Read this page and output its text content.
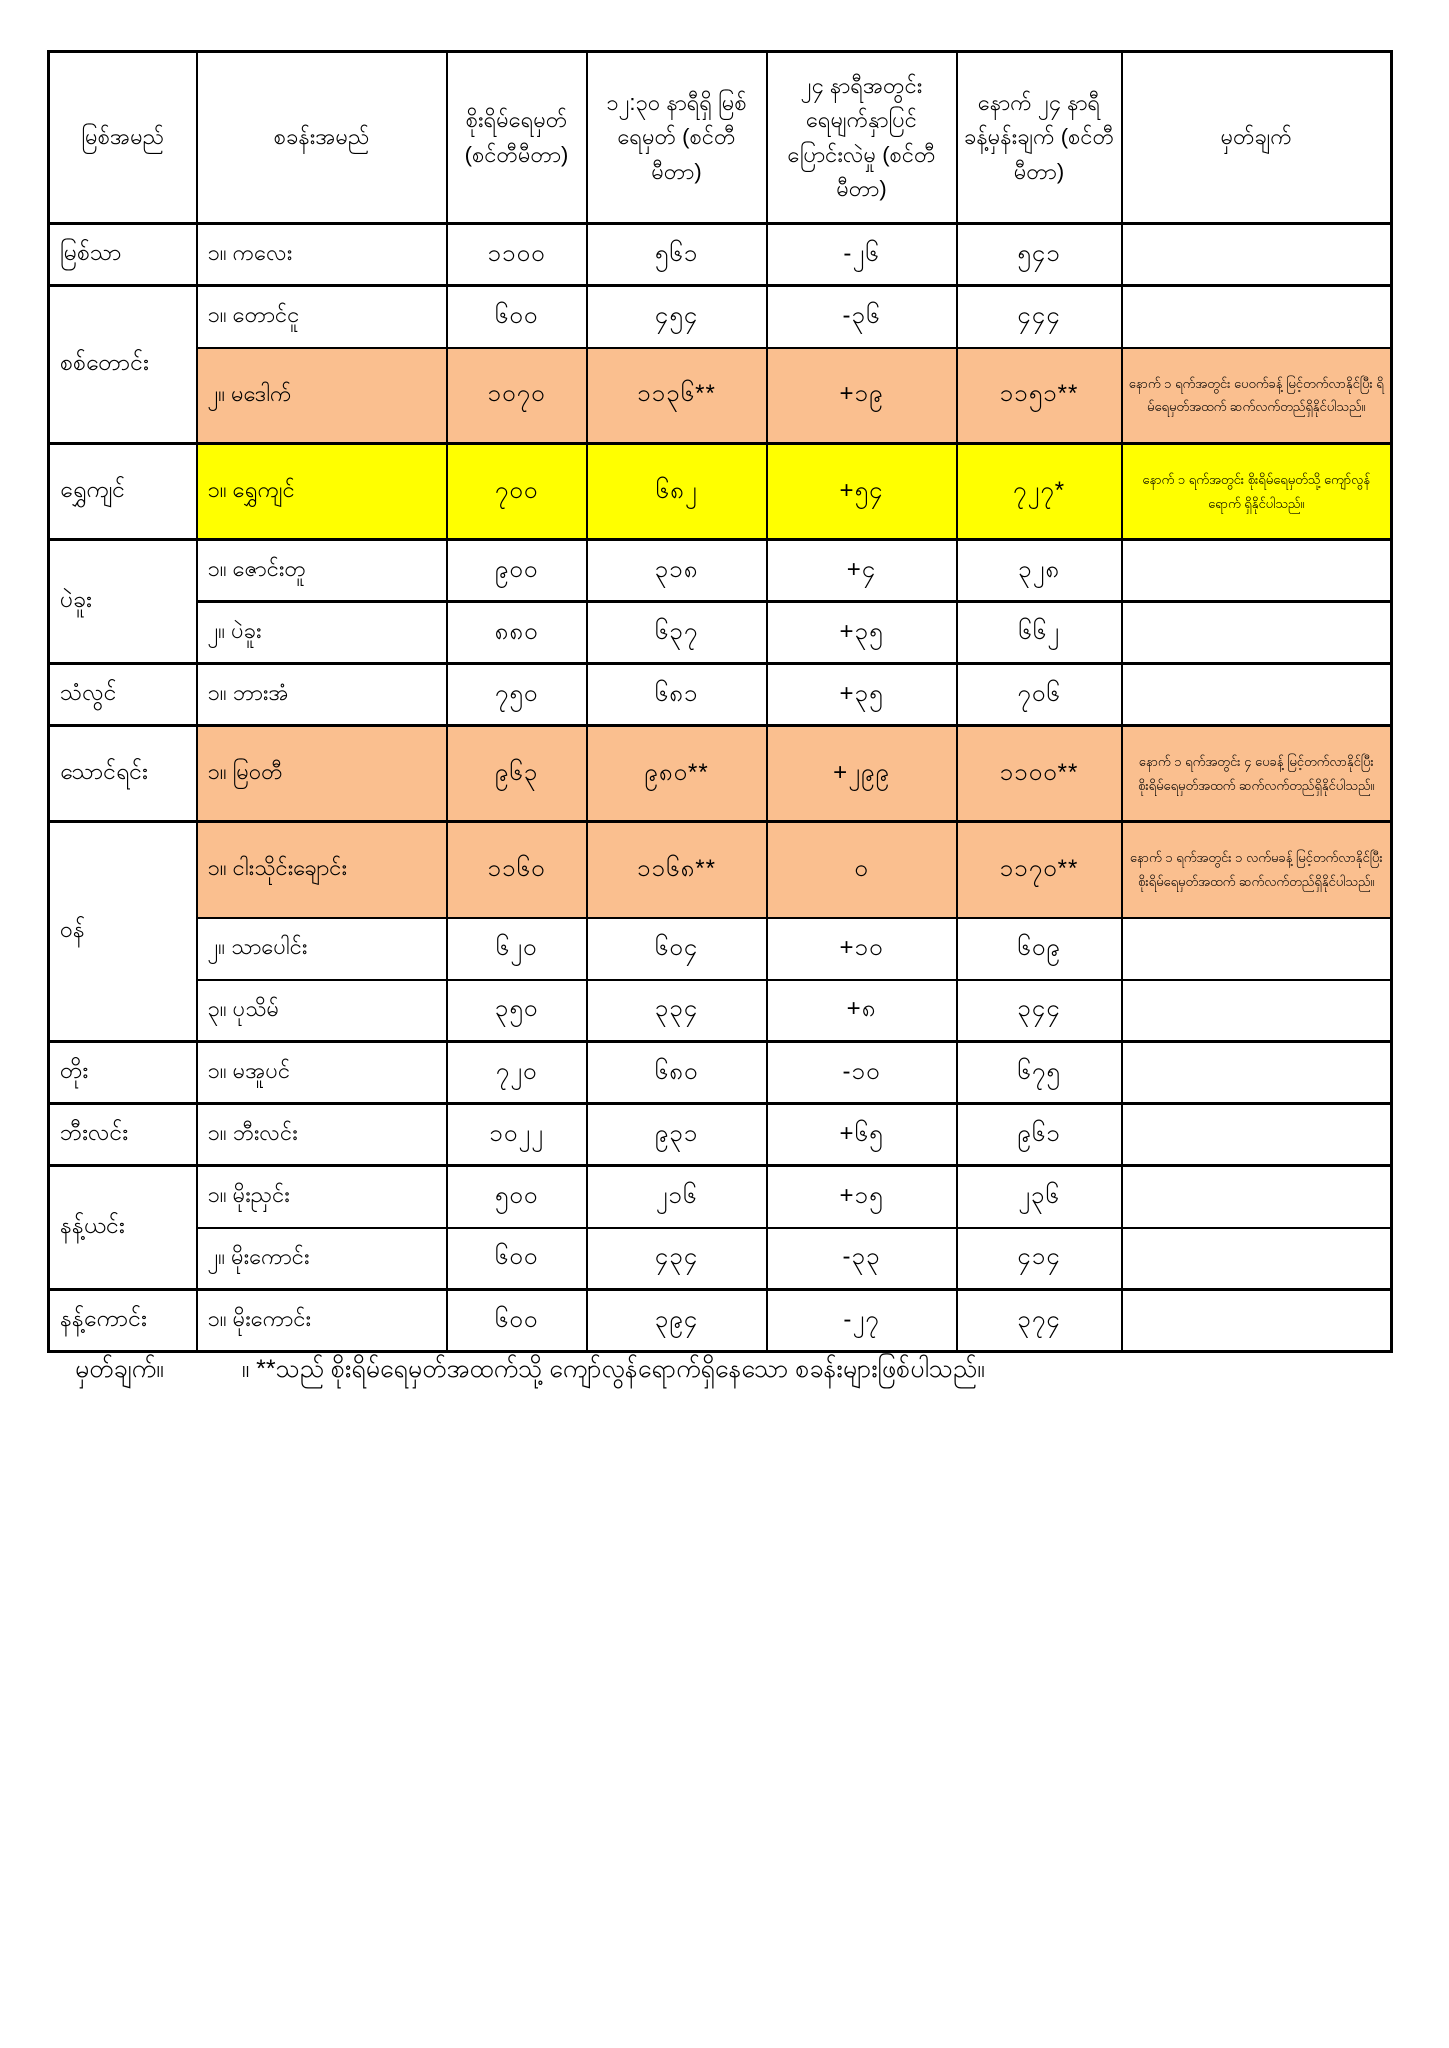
မြစ်အမည်	စခန်းအမည်	စိုးရိမ်ရေမှတ် (စင်တီမီတာ)	၁၂:၃၀ နာရီရှိ မြစ်ရေမှတ် (စင်တီမီတာ)	၂၄ နာရီအတွင်း ရေမျက်နှာပြင် ပြောင်းလဲမှု (စင်တီမီတာ)	နောက် ၂၄ နာရီ ခန့်မှန်းချက် (စင်တီမီတာ)	မှတ်ချက်
မြစ်သာ	၁။ ကလေး	၁၁၀၀	၅၆၁	-၂၆	၅၄၁	
စစ်တောင်း	၁။ တောင်ငူ	၆၀၀	၄၅၄	-၃၆	၄၄၄	
	၂။ မဒေါက်	၁၀၇၀	၁၁၃၆**	+၁၉	၁၁၅၁**	နောက် ၁ ရက်အတွင်း ပေဝက်ခန့် မြင့်တက်လာနိုင်ပြီး ရိမ်ရေမှတ်အထက် ဆက်လက်တည်ရှိနိုင်ပါသည်။
ရွှေကျင်	၁။ ရွှေကျင်	၇၀၀	၆၈၂	+၅၄	၇၂၇*	နောက် ၁ ရက်အတွင်း စိုးရိမ်ရေမှတ်သို့ ကျော်လွန်ရောက် ရှိနိုင်ပါသည်။
ပဲခူး	၁။ ဇောင်းတူ	၉၀၀	၃၁၈	+၄	၃၂၈	
	၂။ ပဲခူး	၈၈၀	၆၃၇	+၃၅	၆၆၂	
သံလွင်	၁။ ဘားအံ	၇၅၀	၆၈၁	+၃၅	၇၀၆	
သောင်ရင်း	၁။ မြဝတီ	၉၆၃	၉၈၀**	+၂၉၉	၁၁၀၀**	နောက် ၁ ရက်အတွင်း ၄ ပေခန့် မြင့်တက်လာနိုင်ပြီး စိုးရိမ်ရေမှတ်အထက် ဆက်လက်တည်ရှိနိုင်ပါသည်။
ဝန်	၁။ ငါးသိုင်းချောင်း	၁၁၆၀	၁၁၆၈**	၀	၁၁၇၀**	နောက် ၁ ရက်အတွင်း ၁ လက်မခန့် မြင့်တက်လာနိုင်ပြီး စိုးရိမ်ရေမှတ်အထက် ဆက်လက်တည်ရှိနိုင်ပါသည်။
	၂။ သာပေါင်း	၆၂၀	၆၀၄	+၁၀	၆၀၉	
	၃။ ပုသိမ်	၃၅၀	၃၃၄	+၈	၃၄၄	
တိုး	၁။ မအူပင်	၇၂၀	၆၈၀	-၁၀	၆၇၅	
ဘီးလင်း	၁။ ဘီးလင်း	၁၀၂၂	၉၃၁	+၆၅	၉၆၁	
နန့်ယင်း	၁။ မိုးညှင်း	၅၀၀	၂၁၆	+၁၅	၂၃၆	
	၂။ မိုးကောင်း	၆၀၀	၄၃၄	-၃၃	၄၁၄	
နန့်ကောင်း	၁။ မိုးကောင်း	၆၀၀	၃၉၄	-၂၇	၃၇၄	
မှတ်ချက်။	။ **သည် စိုးရိမ်ရေမှတ်အထက်သို့ ကျော်လွန်ရောက်ရှိနေသော စခန်းများဖြစ်ပါသည်။
